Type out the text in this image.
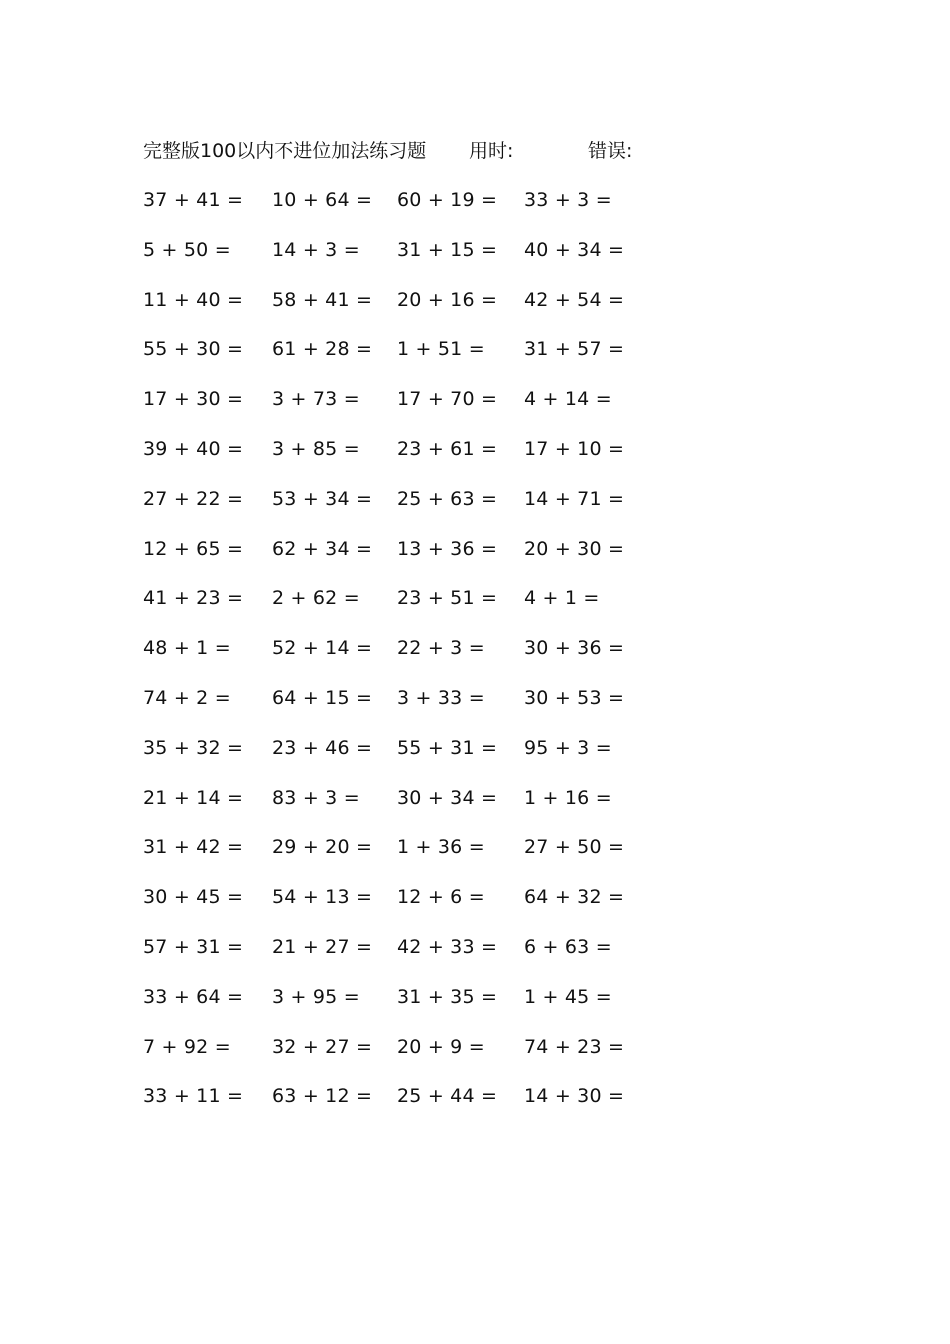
完整版100以内不进位加法练习题 用时:	错误:
37 + 41 = 10 + 64 = 60 + 19 = 33 + 3 =
5 + 50 = 14 + 3 = 31 + 15 = 40 + 34 =
11 + 40 = 58 + 41 = 20 + 16 = 42 + 54 =
55 + 30 = 61 + 28 = 1 + 51 = 31 + 57 =
17 + 30 = 3 + 73 = 17 + 70 = 4 + 14 =
39 + 40 = 3 + 85 = 23 + 61 = 17 + 10 =
27 + 22 = 53 + 34 = 25 + 63 = 14 + 71 =
12 + 65 = 62 + 34 = 13 + 36 = 20 + 30 =
41 + 23 = 2 + 62 = 23 + 51 = 4 + 1 =
48 + 1 = 52 + 14 = 22 + 3 = 30 + 36 =
74 + 2 = 64 + 15 = 3 + 33 = 30 + 53 =
35 + 32 = 23 + 46 = 55 + 31 = 95 + 3 =
21 + 14 = 83 + 3 = 30 + 34 = 1 + 16 =
31 + 42 = 29 + 20 = 1 + 36 = 27 + 50 =
30 + 45 = 54 + 13 = 12 + 6 = 64 + 32 =
57 + 31 = 21 + 27 = 42 + 33 = 6 + 63 =
33 + 64 = 3 + 95 = 31 + 35 = 1 + 45 =
7 + 92 = 32 + 27 = 20 + 9 = 74 + 23 =
33 + 11 = 63 + 12 = 25 + 44 = 14 + 30 =
